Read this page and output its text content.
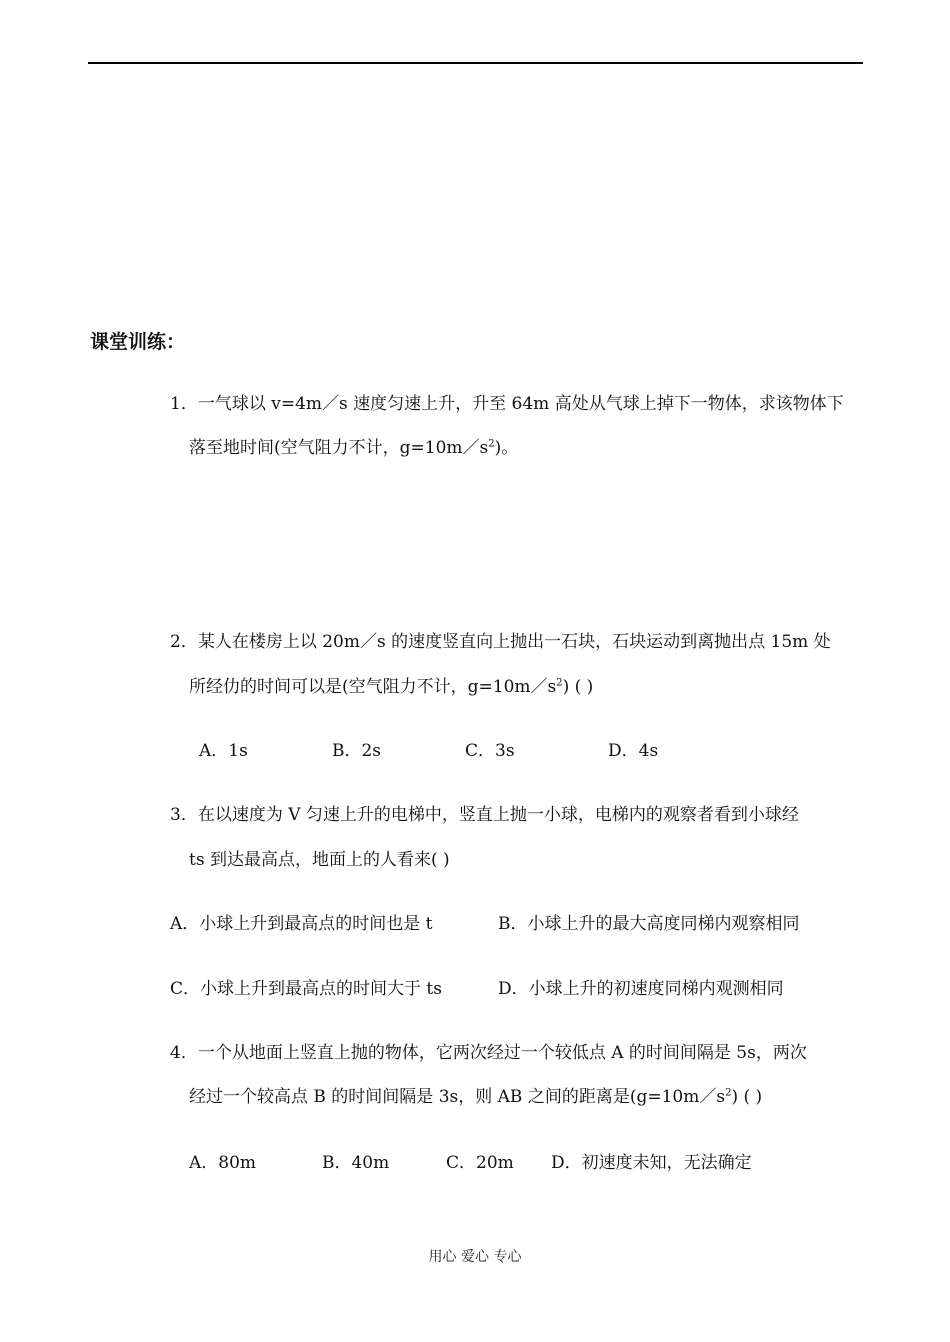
课堂训练：
1．一气球以 v=4m／s 速度匀速上升，升至 64m 高处从气球上掉下一物体，求该物体下
落至地时间(空气阻力不计，$g=10m/s^2$)。
2．某人在楼房上以 20m／s 的速度竖直向上抛出一石块，石块运动到离抛出点 15m 处
所经仂的时间可以是(空气阻力不计，$g=10m/s^2$) ( )
A．1s	B．2s	C．3s	D．4s
3．在以速度为 V 匀速上升的电梯中，竖直上抛一小球，电梯内的观察者看到小球经
ts 到达最高点，地面上的人看来( )
A．小球上升到最高点的时间也是 t	B．小球上升的最大高度同梯内观察相同
C．小球上升到最高点的时间大于 ts	D．小球上升的初速度同梯内观测相同
4．一个从地面上竖直上抛的物体，它两次经过一个较低点 A 的时间间隔是 5s，两次
经过一个较高点 B 的时间间隔是 3s，则 AB 之间的距离是$(g=10m/s^2)$ ( )
A．80m	B．40m	C．20m D．初速度未知，无法确定
用心 爱心 专心
